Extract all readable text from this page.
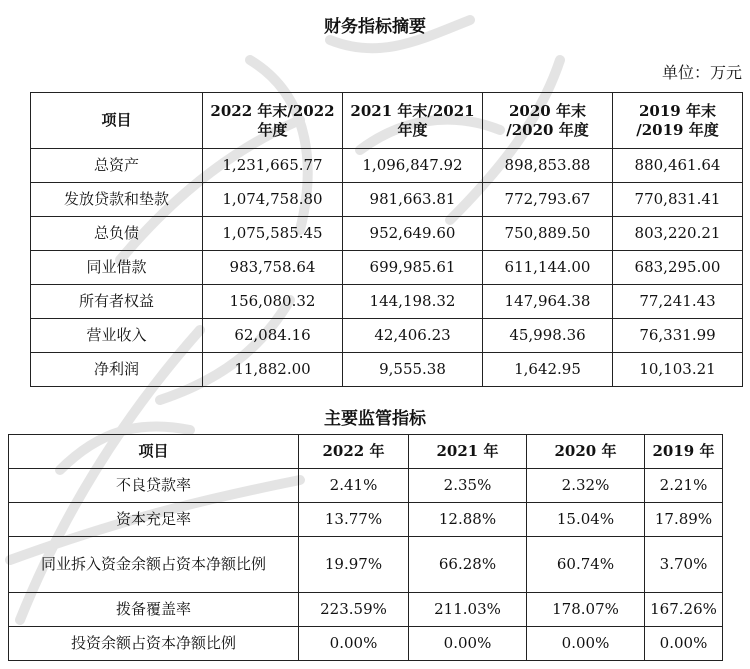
财务指标摘要
单位：万元
项目	2022 年末/2022 年度	2021 年末/2021 年度	2020 年末 /2020 年度	2019 年末 /2019 年度
总资产	1,231,665.77	1,096,847.92	898,853.88	880,461.64
发放贷款和垫款	1,074,758.80	981,663.81	772,793.67	770,831.41
总负债	1,075,585.45	952,649.60	750,889.50	803,220.21
同业借款	983,758.64	699,985.61	611,144.00	683,295.00
所有者权益	156,080.32	144,198.32	147,964.38	77,241.43
营业收入	62,084.16	42,406.23	45,998.36	76,331.99
净利润	11,882.00	9,555.38	1,642.95	10,103.21
主要监管指标
项目	2022 年	2021 年	2020 年	2019 年
不良贷款率	2.41%	2.35%	2.32%	2.21%
资本充足率	13.77%	12.88%	15.04%	17.89%
同业拆入资金余额占资本净额比例	19.97%	66.28%	60.74%	3.70%
拨备覆盖率	223.59%	211.03%	178.07%	167.26%
投资余额占资本净额比例	0.00%	0.00%	0.00%	0.00%
